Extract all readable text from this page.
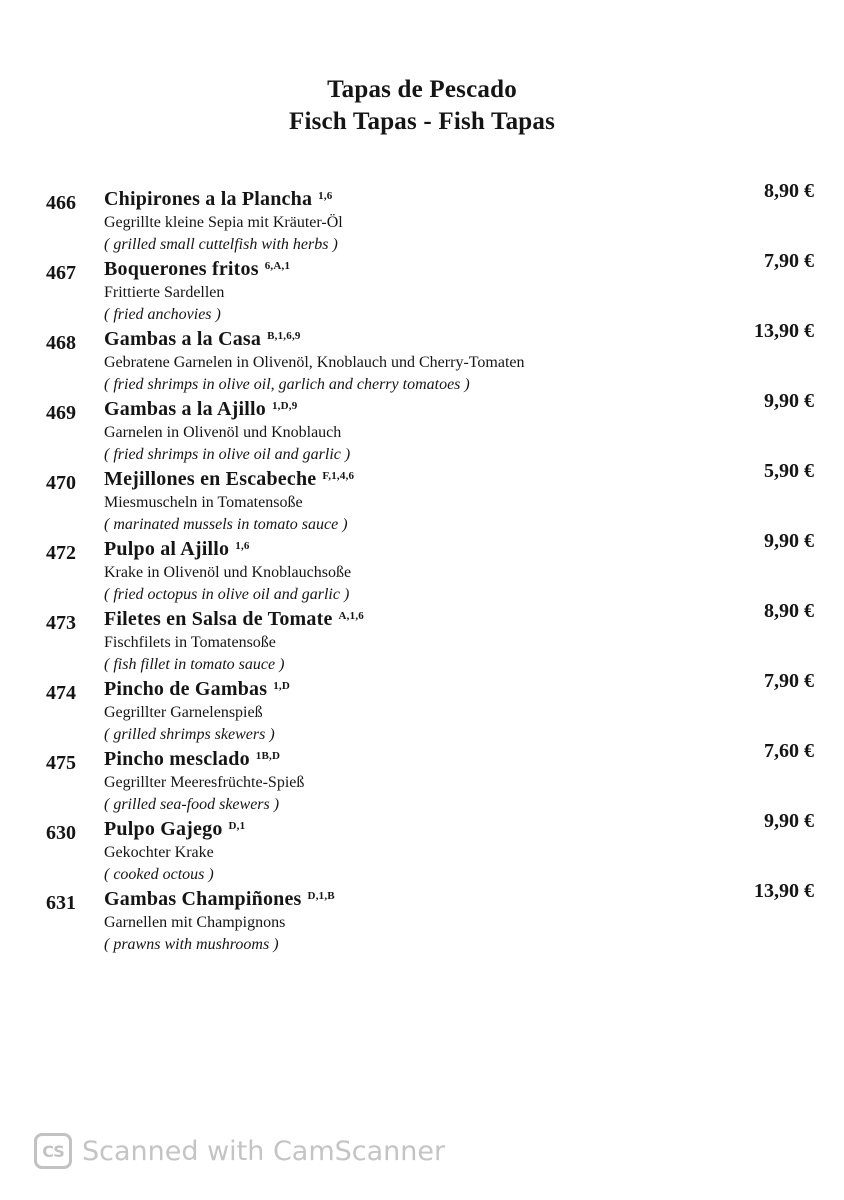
Tapas de Pescado
Fisch Tapas - Fish Tapas
466 Chipirones a la Plancha $^{1,6}$
Gegrillte kleine Sepia mit Kräuter-Öl
( grilled small cuttelfish with herbs )
8,90 €
467 Boquerones fritos $^{6,A,1}$
Frittierte Sardellen
( fried anchovies )
7,90 €
468 Gambas a la Casa $^{B,1,6,9}$
Gebratene Garnelen in Olivenöl, Knoblauch und Cherry-Tomaten
( fried shrimps in olive oil, garlich and cherry tomatoes )
13,90 €
469 Gambas a la Ajillo $^{1,D,9}$
Garnelen in Olivenöl und Knoblauch
( fried shrimps in olive oil and garlic )
9,90 €
470 Mejillones en Escabeche $^{F,1,4,6}$
Miesmuscheln in Tomatensoße
( marinated mussels in tomato sauce )
5,90 €
472 Pulpo al Ajillo $^{1,6}$
Krake in Olivenöl und Knoblauchsoße
( fried octopus in olive oil and garlic )
9,90 €
473 Filetes en Salsa de Tomate $^{A,1,6}$
Fischfilets in Tomatensoße
( fish fillet in tomato sauce )
8,90 €
474 Pincho de Gambas $^{1,D}$
Gegrillter Garnelenspieß
( grilled shrimps skewers )
7,90 €
475 Pincho mesclado $^{1B,D}$
Gegrillter Meeresfrüchte-Spieß
( grilled sea-food skewers )
7,60 €
630 Pulpo Gajego $^{D,1}$
Gekochter Krake
( cooked octous )
9,90 €
631 Gambas Champiñones $^{D,1,B}$
Garnellen mit Champignons
( prawns with mushrooms )
13,90 €
CS Scanned with CamScanner
